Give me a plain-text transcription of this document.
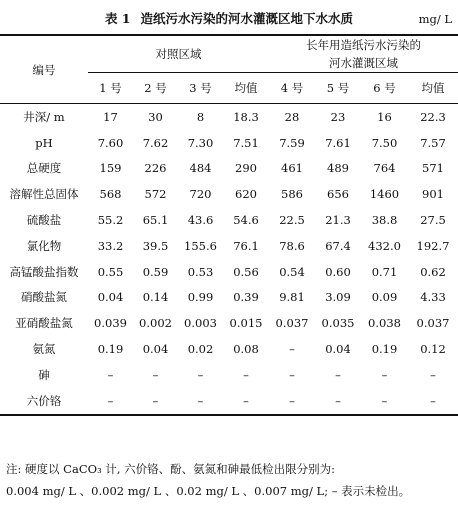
表 1 造纸污水污染的河水灌溉区地下水水质	mg/ L
编号	对照区域				长年用造纸污水污染的
河水灌溉区域			

	1 号	2 号	3 号	均值	4 号	5 号	6 号	均值
井深/ m	17	30	8	18.3	28	23	16	22.3
pH	7.60	7.62	7.30	7.51	7.59	7.61	7.50	7.57
总硬度	159	226	484	290	461	489	764	571
溶解性总固体	568	572	720	620	586	656	1460	901
硫酸盐	55.2	65.1	43.6	54.6	22.5	21.3	38.8	27.5
氯化物	33.2	39.5	155.6	76.1	78.6	67.4	432.0	192.7
高锰酸盐指数	0.55	0.59	0.53	0.56	0.54	0.60	0.71	0.62
硝酸盐氮	0.04	0.14	0.99	0.39	9.81	3.09	0.09	4.33
亚硝酸盐氮	0.039	0.002	0.003	0.015	0.037	0.035	0.038	0.037
氨氮	0.19	0.04	0.02	0.08	–	0.04	0.19	0.12
砷	–	–	–	–	–	–	–	–
六价铬	–	–	–	–	–	–	–	–
注: 硬度以 CaCO₃ 计, 六价铬、酚、氨氮和砷最低检出限分别为:
0.004 mg/ L 、0.002 mg/ L 、0.02 mg/ L 、0.007 mg/ L; – 表示未检出。
